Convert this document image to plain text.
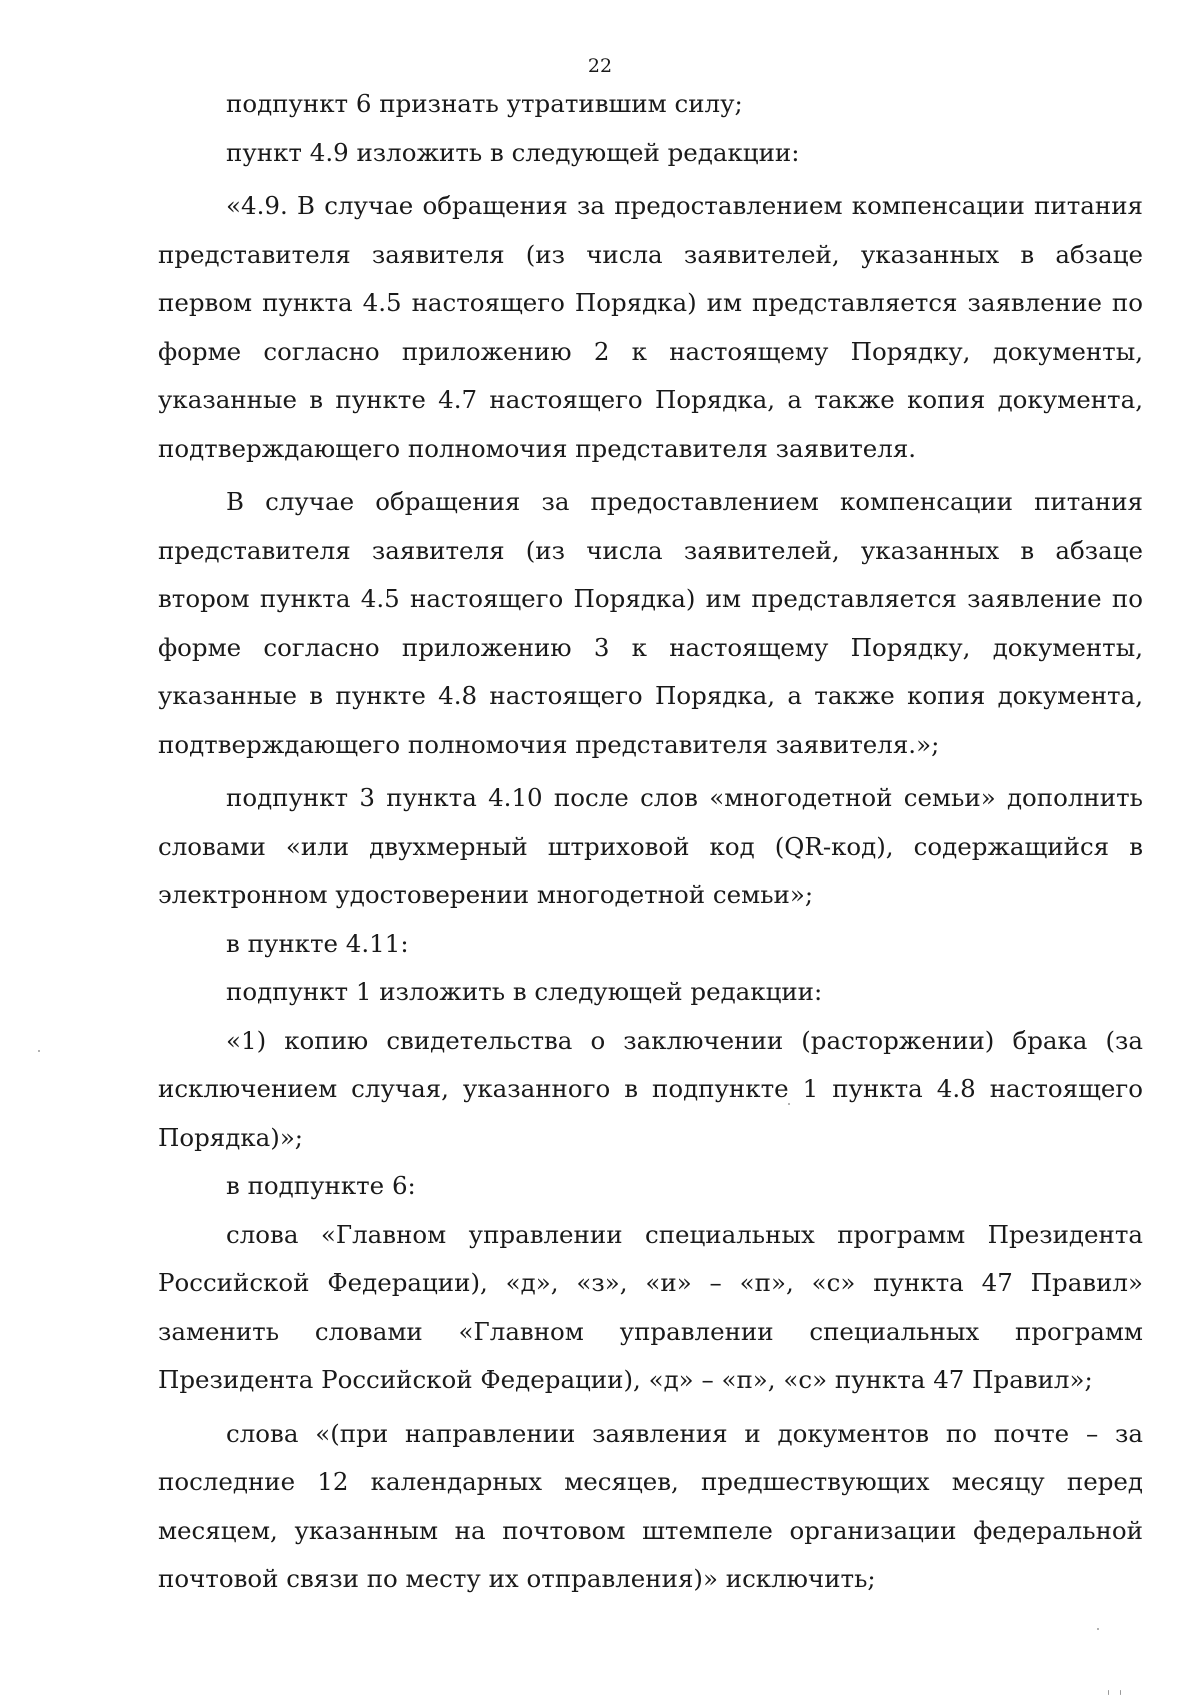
22

подпункт 6 признать утратившим силу;

пункт 4.9 изложить в следующей редакции:

«4.9. В случае обращения за предоставлением компенсации питания представителя заявителя (из числа заявителей, указанных в абзаце первом пункта 4.5 настоящего Порядка) им представляется заявление по форме согласно приложению 2 к настоящему Порядку, документы, указанные в пункте 4.7 настоящего Порядка, а также копия документа, подтверждающего полномочия представителя заявителя.

В случае обращения за предоставлением компенсации питания представителя заявителя (из числа заявителей, указанных в абзаце втором пункта 4.5 настоящего Порядка) им представляется заявление по форме согласно приложению 3 к настоящему Порядку, документы, указанные в пункте 4.8 настоящего Порядка, а также копия документа, подтверждающего полномочия представителя заявителя.»;

подпункт 3 пункта 4.10 после слов «многодетной семьи» дополнить словами «или двухмерный штриховой код (QR-код), содержащийся в электронном удостоверении многодетной семьи»;

в пункте 4.11:

подпункт 1 изложить в следующей редакции:

«1) копию свидетельства о заключении (расторжении) брака (за исключением случая, указанного в подпункте 1 пункта 4.8 настоящего Порядка)»;

в подпункте 6:

слова «Главном управлении специальных программ Президента Российской Федерации), «д», «з», «и» – «п», «с» пункта 47 Правил» заменить словами «Главном управлении специальных программ Президента Российской Федерации), «д» – «п», «с» пункта 47 Правил»;

слова «(при направлении заявления и документов по почте – за последние 12 календарных месяцев, предшествующих месяцу перед месяцем, указанным на почтовом штемпеле организации федеральной почтовой связи по месту их отправления)» исключить;
